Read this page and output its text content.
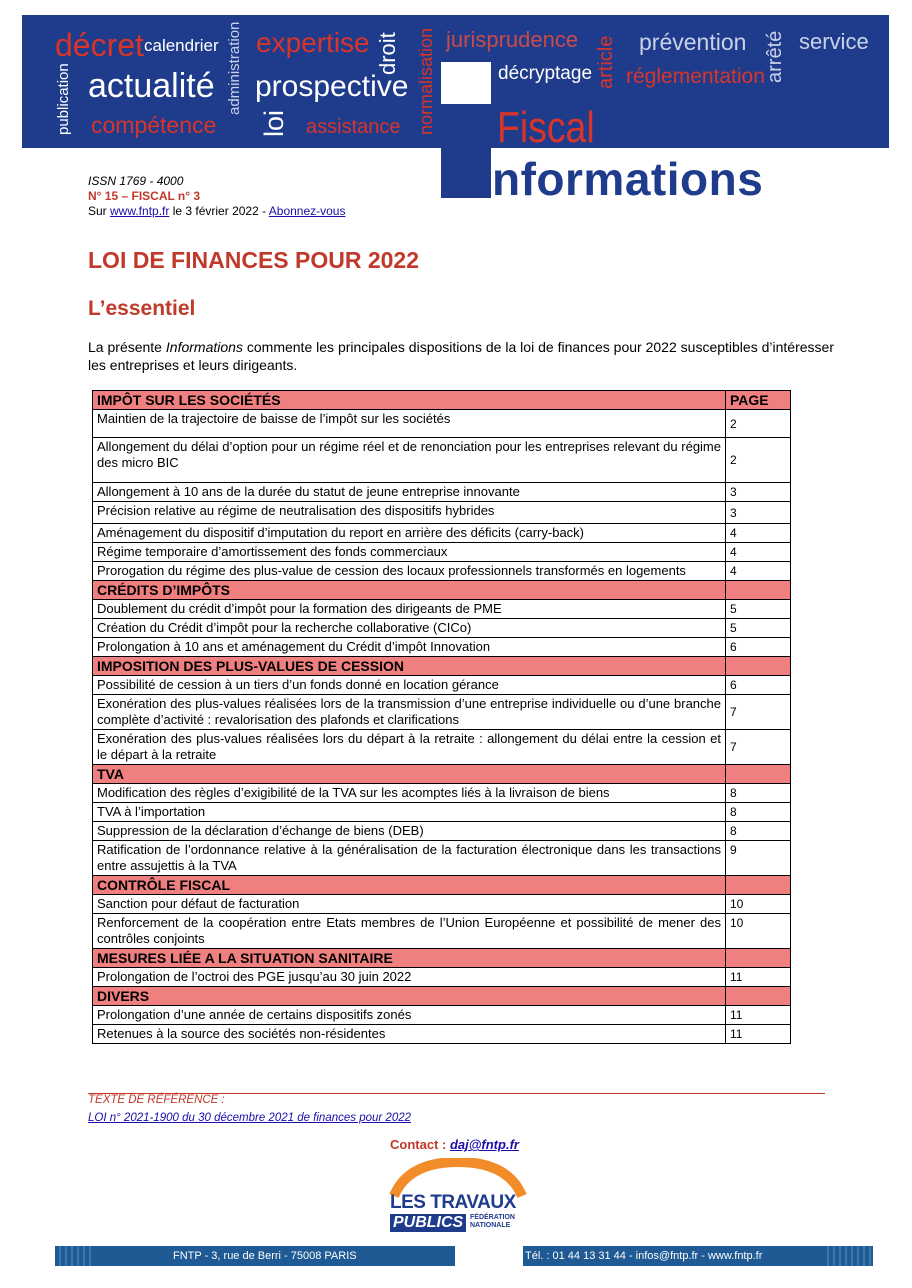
décret calendrier administration expertise droit normalisation jurisprudence article prévention arrêté service
publication actualité prospective	décryptage réglementation
compétence loi assistance Fiscal
nformations
ISSN 1769 - 4000
N° 15 – FISCAL n° 3
Sur www.fntp.fr le 3 février 2022 - Abonnez-vous
LOI DE FINANCES POUR 2022
L’essentiel
La présente Informations commente les principales dispositions de la loi de finances pour 2022 susceptibles d’intéresser les entreprises et leurs dirigeants.
IMPÔT SUR LES SOCIÉTÉS	PAGE
Maintien de la trajectoire de baisse de l’impôt sur les sociétés	2
Allongement du délai d’option pour un régime réel et de renonciation pour les entreprises relevant du régime des micro BIC	2
Allongement à 10 ans de la durée du statut de jeune entreprise innovante	3
Précision relative au régime de neutralisation des dispositifs hybrides	3
Aménagement du dispositif d’imputation du report en arrière des déficits (carry-back)	4
Régime temporaire d’amortissement des fonds commerciaux	4
Prorogation du régime des plus-value de cession des locaux professionnels transformés en logements	4
CRÉDITS D’IMPÔTS	
Doublement du crédit d’impôt pour la formation des dirigeants de PME	5
Création du Crédit d’impôt pour la recherche collaborative (CICo)	5
Prolongation à 10 ans et aménagement du Crédit d’impôt Innovation	6
IMPOSITION DES PLUS-VALUES DE CESSION	
Possibilité de cession à un tiers d’un fonds donné en location gérance	6
Exonération des plus-values réalisées lors de la transmission d’une entreprise individuelle ou d’une branche complète d’activité : revalorisation des plafonds et clarifications	7
Exonération des plus-values réalisées lors du départ à la retraite : allongement du délai entre la cession et le départ à la retraite	7
TVA	
Modification des règles d’exigibilité de la TVA sur les acomptes liés à la livraison de biens	8
TVA à l’importation	8
Suppression de la déclaration d’échange de biens (DEB)	8
Ratification de l’ordonnance relative à la généralisation de la facturation électronique dans les transactions entre assujettis à la TVA	9
CONTRÔLE FISCAL	
Sanction pour défaut de facturation	10
Renforcement de la coopération entre Etats membres de l’Union Européenne et possibilité de mener des contrôles conjoints	10
MESURES LIÉE A LA SITUATION SANITAIRE	
Prolongation de l’octroi des PGE jusqu’au 30 juin 2022	11
DIVERS	
Prolongation d’une année de certains dispositifs zonés	11
Retenues à la source des sociétés non-résidentes	11
TEXTE DE RÉFÉRENCE :
LOI n° 2021-1900 du 30 décembre 2021 de finances pour 2022
Contact : daj@fntp.fr
LES TRAVAUX
PUBLICS FÉDÉRATION
NATIONALE
FNTP - 3, rue de Berri - 75008 PARIS	Tél. : 01 44 13 31 44 - infos@fntp.fr - www.fntp.fr
